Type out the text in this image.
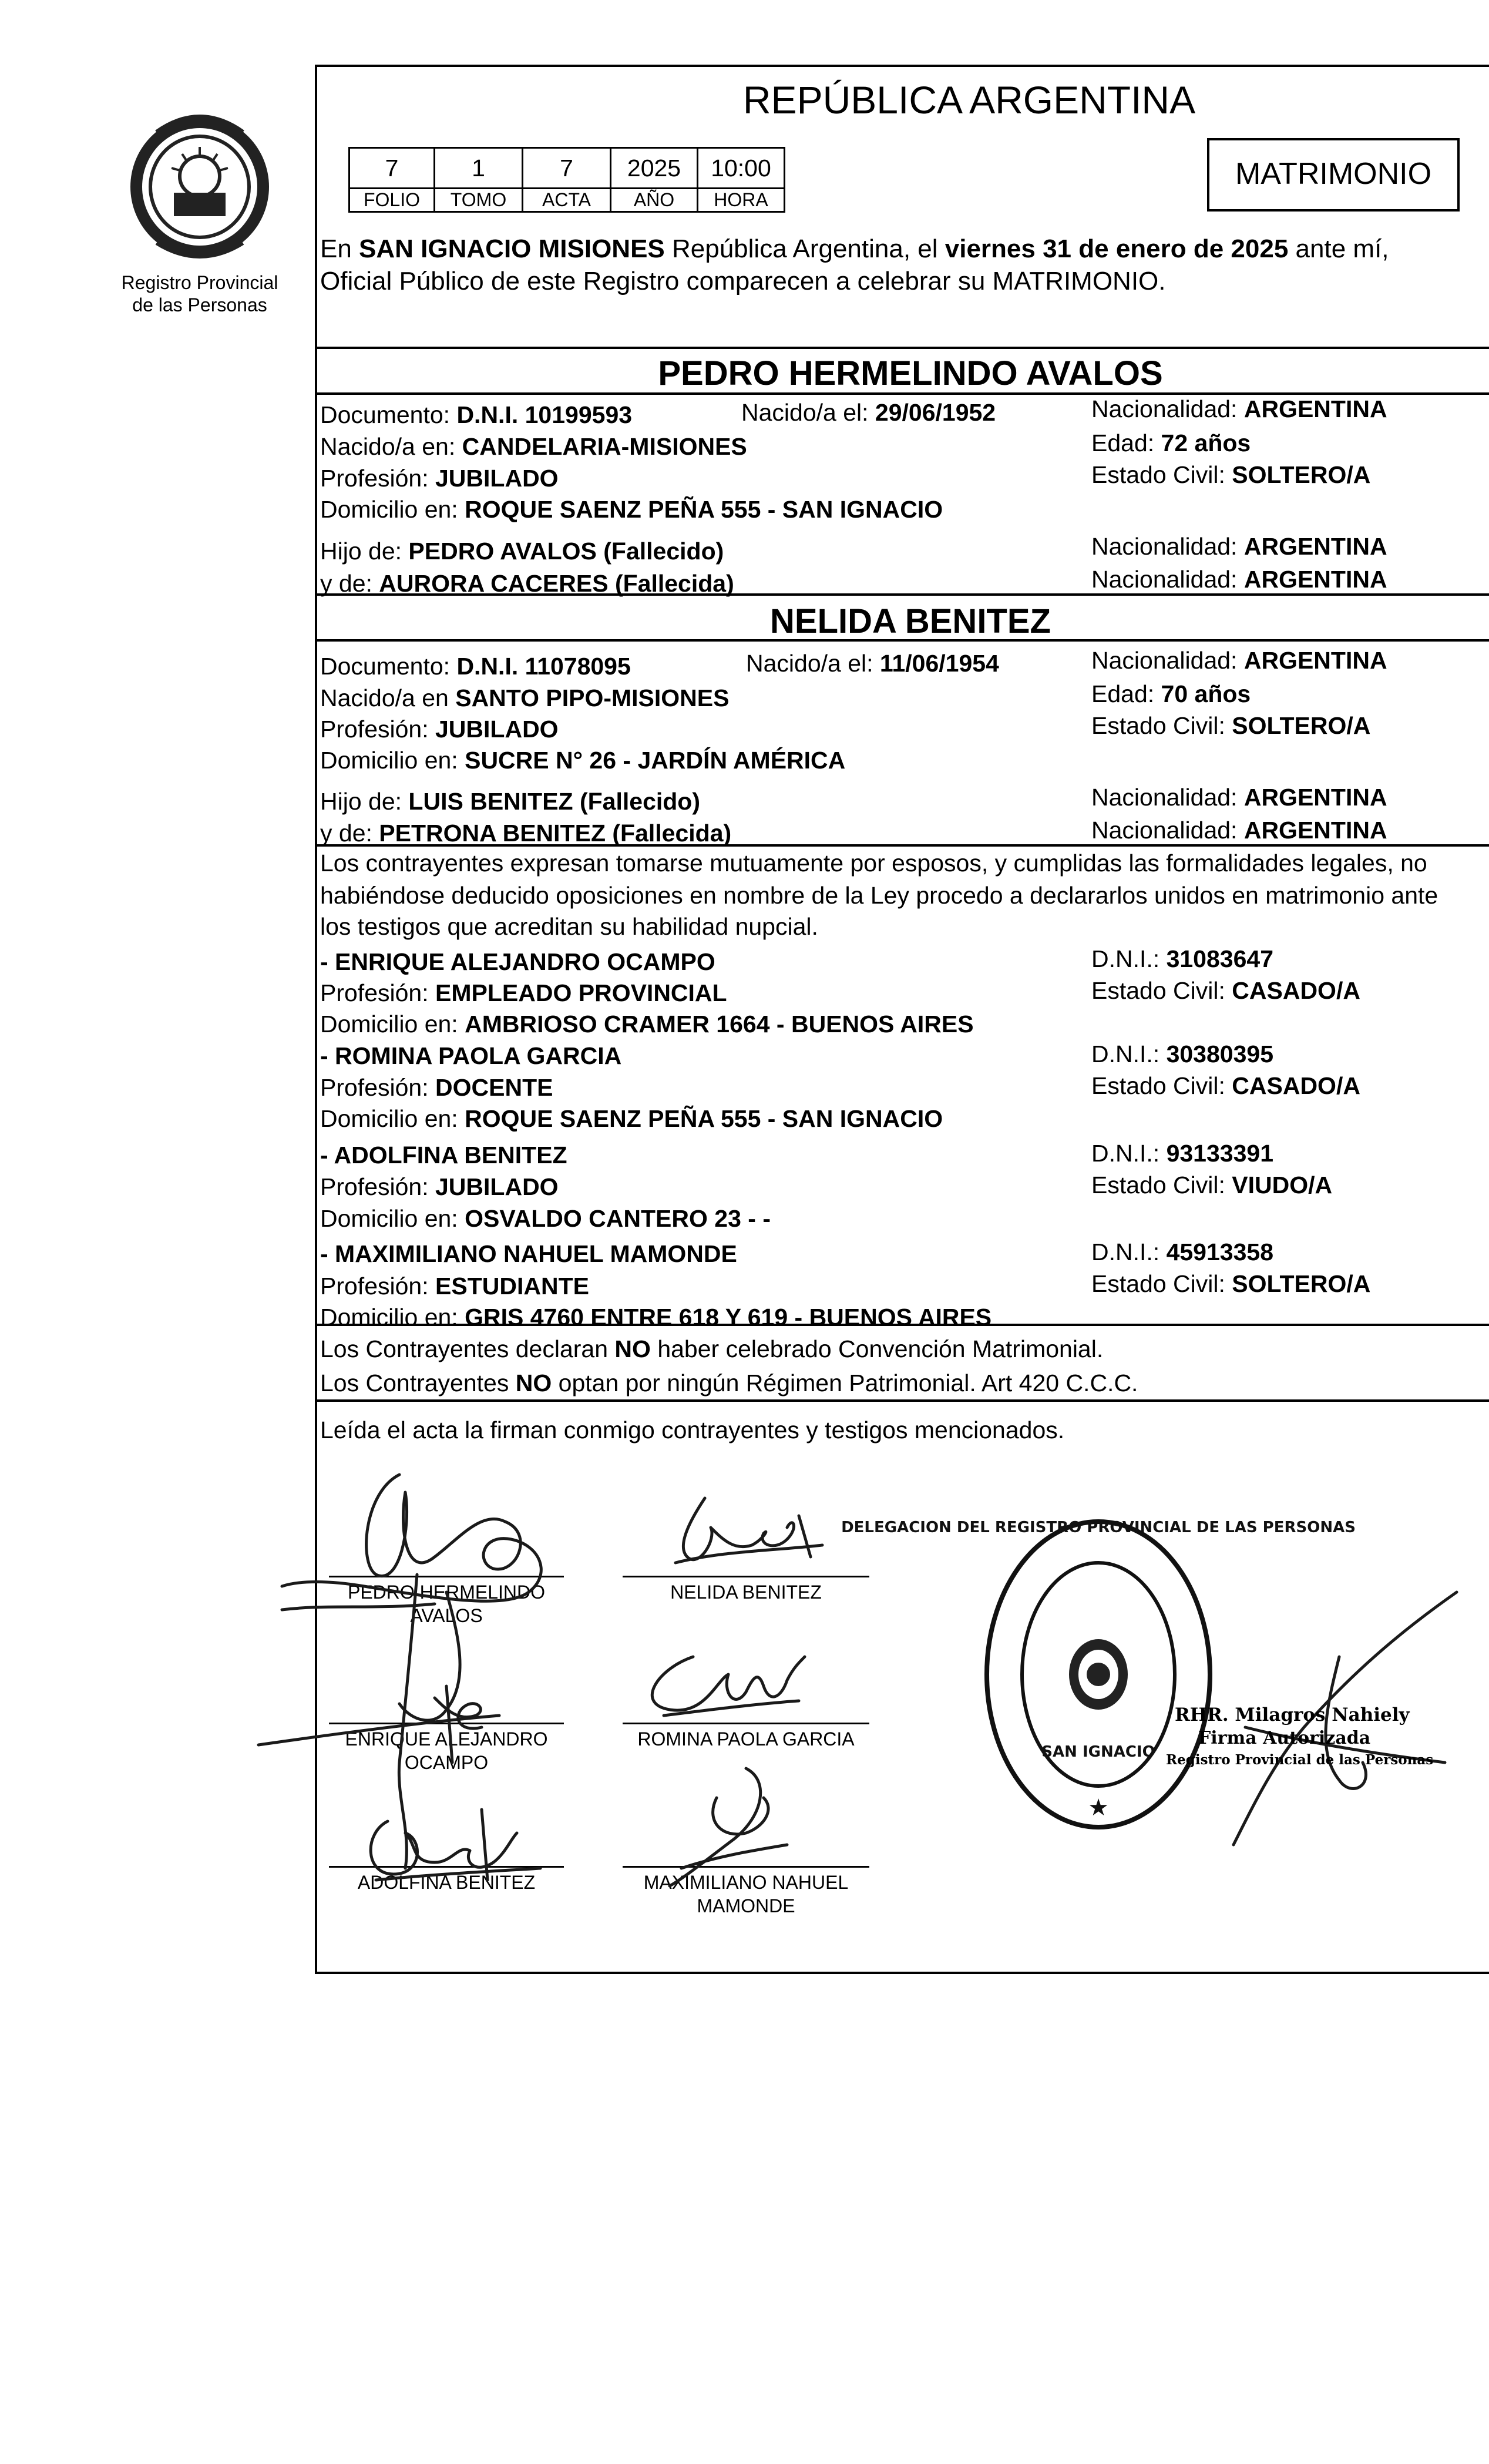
Registro Provincial
de las Personas
REPÚBLICA ARGENTINA
7	1	7	2025	10:00
FOLIO	TOMO	ACTA	AÑO	HORA
MATRIMONIO
En SAN IGNACIO MISIONES República Argentina, el viernes 31 de enero de 2025 ante mí,
Oficial Público de este Registro comparecen a celebrar su MATRIMONIO.
PEDRO HERMELINDO AVALOS
Documento: D.N.I. 10199593	Nacido/a el: 29/06/1952	Nacionalidad: ARGENTINA
Nacido/a en: CANDELARIA-MISIONES	Edad: 72 años
Profesión: JUBILADO	Estado Civil: SOLTERO/A
Domicilio en: ROQUE SAENZ PEÑA 555 - SAN IGNACIO
Hijo de: PEDRO AVALOS (Fallecido)	Nacionalidad: ARGENTINA
y de: AURORA CACERES (Fallecida)	Nacionalidad: ARGENTINA
NELIDA BENITEZ
Documento: D.N.I. 11078095	Nacido/a el: 11/06/1954	Nacionalidad: ARGENTINA
Nacido/a en SANTO PIPO-MISIONES	Edad: 70 años
Profesión: JUBILADO	Estado Civil: SOLTERO/A
Domicilio en: SUCRE N° 26 - JARDÍN AMÉRICA
Hijo de: LUIS BENITEZ (Fallecido)	Nacionalidad: ARGENTINA
y de: PETRONA BENITEZ (Fallecida)	Nacionalidad: ARGENTINA
Los contrayentes expresan tomarse mutuamente por esposos, y cumplidas las formalidades legales, no
habiéndose deducido oposiciones en nombre de la Ley procedo a declararlos unidos en matrimonio ante
los testigos que acreditan su habilidad nupcial.
- ENRIQUE ALEJANDRO OCAMPO	D.N.I.: 31083647
Profesión: EMPLEADO PROVINCIAL	Estado Civil: CASADO/A
Domicilio en: AMBRIOSO CRAMER 1664 - BUENOS AIRES
- ROMINA PAOLA GARCIA	D.N.I.: 30380395
Profesión: DOCENTE	Estado Civil: CASADO/A
Domicilio en: ROQUE SAENZ PEÑA 555 - SAN IGNACIO
- ADOLFINA BENITEZ	D.N.I.: 93133391
Profesión: JUBILADO	Estado Civil: VIUDO/A
Domicilio en: OSVALDO CANTERO 23 - -
- MAXIMILIANO NAHUEL MAMONDE	D.N.I.: 45913358
Profesión: ESTUDIANTE	Estado Civil: SOLTERO/A
Domicilio en: GRIS 4760 ENTRE 618 Y 619 - BUENOS AIRES
Los Contrayentes declaran NO haber celebrado Convención Matrimonial.
Los Contrayentes NO optan por ningún Régimen Patrimonial. Art 420 C.C.C.
Leída el acta la firman conmigo contrayentes y testigos mencionados.
PEDRO HERMELINDO
AVALOS
NELIDA BENITEZ
ENRIQUE ALEJANDRO
OCAMPO
ROMINA PAOLA GARCIA
ADOLFINA BENITEZ	MAXIMILIANO NAHUEL
MAMONDE
DELEGACION DEL REGISTRO PROVINCIAL DE LAS PERSONAS
SAN IGNACIO
★
RHR. Milagros Nahiely
Firma Autorizada
Registro Provincial de las Personas
